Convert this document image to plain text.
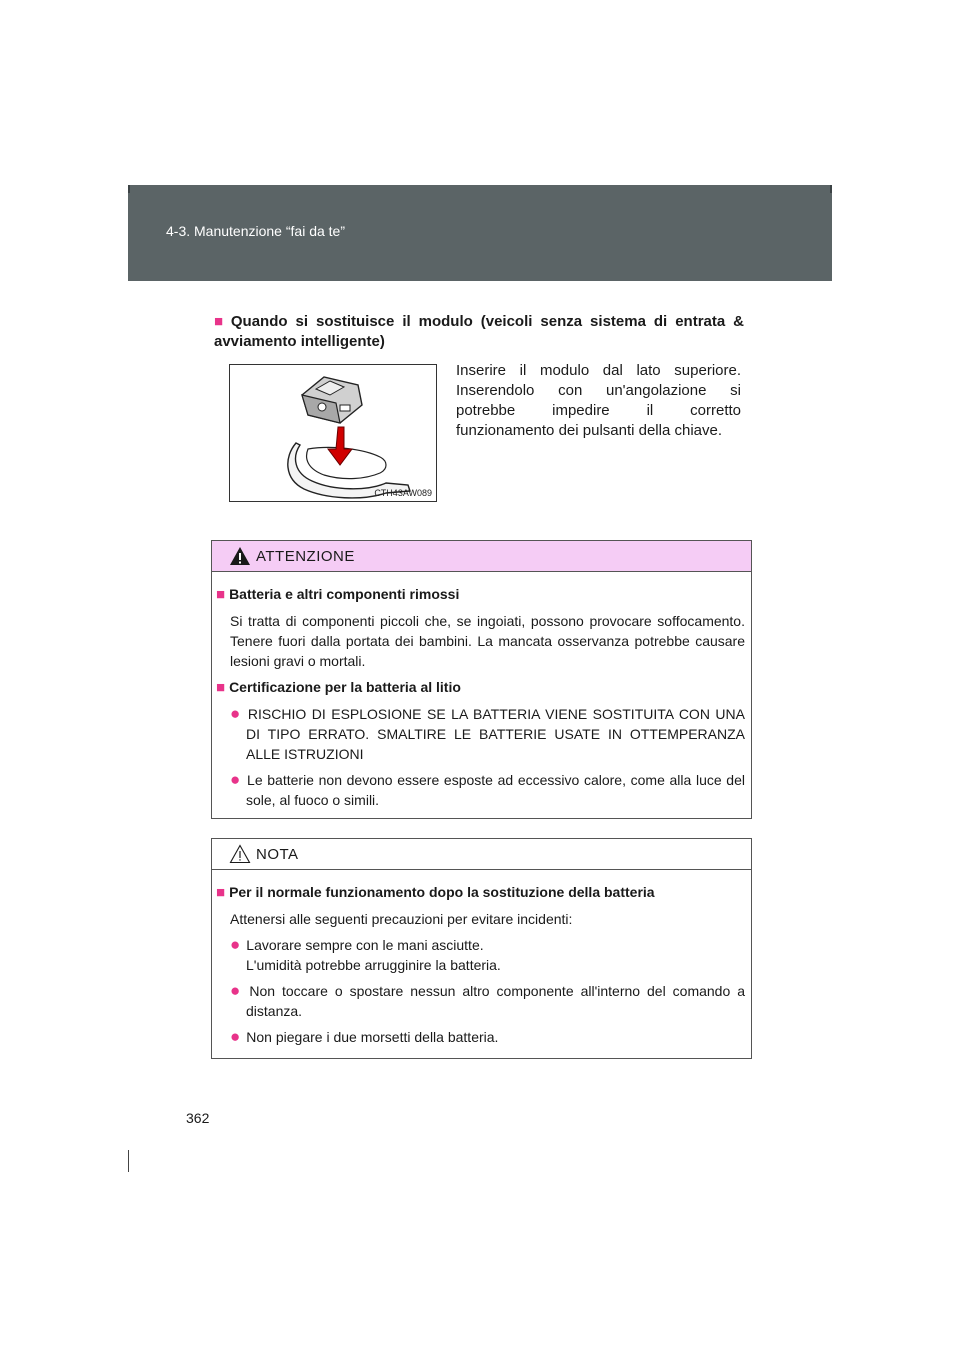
4-3. Manutenzione “fai da te”
■ Quando si sostituisce il modulo (veicoli senza sistema di entrata & avviamento intelligente)
CTH43AW089
Inserire il modulo dal lato superiore. Inserendolo con un'angolazione si potrebbe impedire il corretto funzionamento dei pulsanti della chiave.
ATTENZIONE
■ Batteria e altri componenti rimossi
Si tratta di componenti piccoli che, se ingoiati, possono provocare soffocamento. Tenere fuori dalla portata dei bambini. La mancata osservanza potrebbe causare lesioni gravi o mortali.
■ Certificazione per la batteria al litio
● RISCHIO DI ESPLOSIONE SE LA BATTERIA VIENE SOSTITUITA CON UNA DI TIPO ERRATO. SMALTIRE LE BATTERIE USATE IN OTTEMPERANZA ALLE ISTRUZIONI
● Le batterie non devono essere esposte ad eccessivo calore, come alla luce del sole, al fuoco o simili.
NOTA
■ Per il normale funzionamento dopo la sostituzione della batteria
Attenersi alle seguenti precauzioni per evitare incidenti:
● Lavorare sempre con le mani asciutte.
L'umidità potrebbe arrugginire la batteria.
● Non toccare o spostare nessun altro componente all'interno del comando a distanza.
● Non piegare i due morsetti della batteria.
362
